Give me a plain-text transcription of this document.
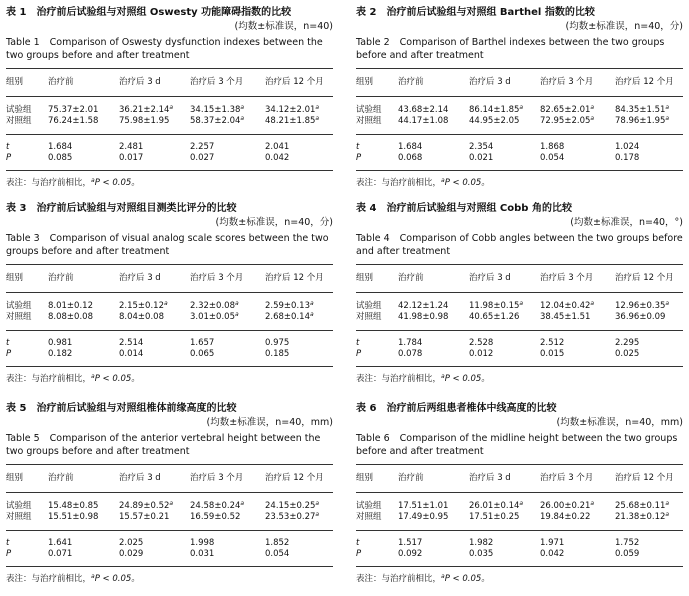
表 1 治疗前后试验组与对照组 Oswesty 功能障碍指数的比较
(均数±标准误，n=40)
Table 1 Comparison of Oswesty dysfunction indexes between the two groups before and after treatment
组别	治疗前	治疗后 3 d	治疗后 3 个月	治疗后 12 个月
试验组	75.37±2.01	36.21±2.14$^a$	34.15±1.38$^a$	34.12±2.01$^a$
对照组	76.24±1.58	75.98±1.95	58.37±2.04$^a$	48.21±1.85$^a$
t	1.684	2.481	2.257	2.041
P	0.085	0.017	0.027	0.042
表注：与治疗前相比，$^a$P < 0.05。
表 2 治疗前后试验组与对照组 Barthel 指数的比较
(均数±标准误，n=40，分)
Table 2 Comparison of Barthel indexes between the two groups before and after treatment
组别	治疗前	治疗后 3 d	治疗后 3 个月	治疗后 12 个月
试验组	43.68±2.14	86.14±1.85$^a$	82.65±2.01$^a$	84.35±1.51$^a$
对照组	44.17±1.08	44.95±2.05	72.95±2.05$^a$	78.96±1.95$^a$
t	1.684	2.354	1.868	1.024
P	0.068	0.021	0.054	0.178
表注：与治疗前相比，$^a$P < 0.05。
表 3 治疗前后试验组与对照组目测类比评分的比较
(均数±标准误，n=40，分)
Table 3 Comparison of visual analog scale scores between the two groups before and after treatment
组别	治疗前	治疗后 3 d	治疗后 3 个月	治疗后 12 个月
试验组	8.01±0.12	2.15±0.12$^a$	2.32±0.08$^a$	2.59±0.13$^a$
对照组	8.08±0.08	8.04±0.08	3.01±0.05$^a$	2.68±0.14$^a$
t	0.981	2.514	1.657	0.975
P	0.182	0.014	0.065	0.185
表注：与治疗前相比，$^a$P < 0.05。
表 4 治疗前后试验组与对照组 Cobb 角的比较
(均数±标准误，n=40，°)
Table 4 Comparison of Cobb angles between the two groups before and after treatment
组别	治疗前	治疗后 3 d	治疗后 3 个月	治疗后 12 个月
试验组	42.12±1.24	11.98±0.15$^a$	12.04±0.42$^a$	12.96±0.35$^a$
对照组	41.98±0.98	40.65±1.26	38.45±1.51	36.96±0.09
t	1.784	2.528	2.512	2.295
P	0.078	0.012	0.015	0.025
表注：与治疗前相比，$^a$P < 0.05。
表 5 治疗前后试验组与对照组椎体前缘高度的比较
(均数±标准误，n=40，mm)
Table 5 Comparison of the anterior vertebral height between the two groups before and after treatment
组别	治疗前	治疗后 3 d	治疗后 3 个月	治疗后 12 个月
试验组	15.48±0.85	24.89±0.52$^a$	24.58±0.24$^a$	24.15±0.25$^a$
对照组	15.51±0.98	15.57±0.21	16.59±0.52	23.53±0.27$^a$
t	1.641	2.025	1.998	1.852
P	0.071	0.029	0.031	0.054
表注：与治疗前相比，$^a$P < 0.05。
表 6 治疗前后两组患者椎体中线高度的比较
(均数±标准误，n=40，mm)
Table 6 Comparison of the midline height between the two groups before and after treatment
组别	治疗前	治疗后 3 d	治疗后 3 个月	治疗后 12 个月
试验组	17.51±1.01	26.01±0.14$^a$	26.00±0.21$^a$	25.68±0.11$^a$
对照组	17.49±0.95	17.51±0.25	19.84±0.22	21.38±0.12$^a$
t	1.517	1.982	1.971	1.752
P	0.092	0.035	0.042	0.059
表注：与治疗前相比，$^a$P < 0.05。
